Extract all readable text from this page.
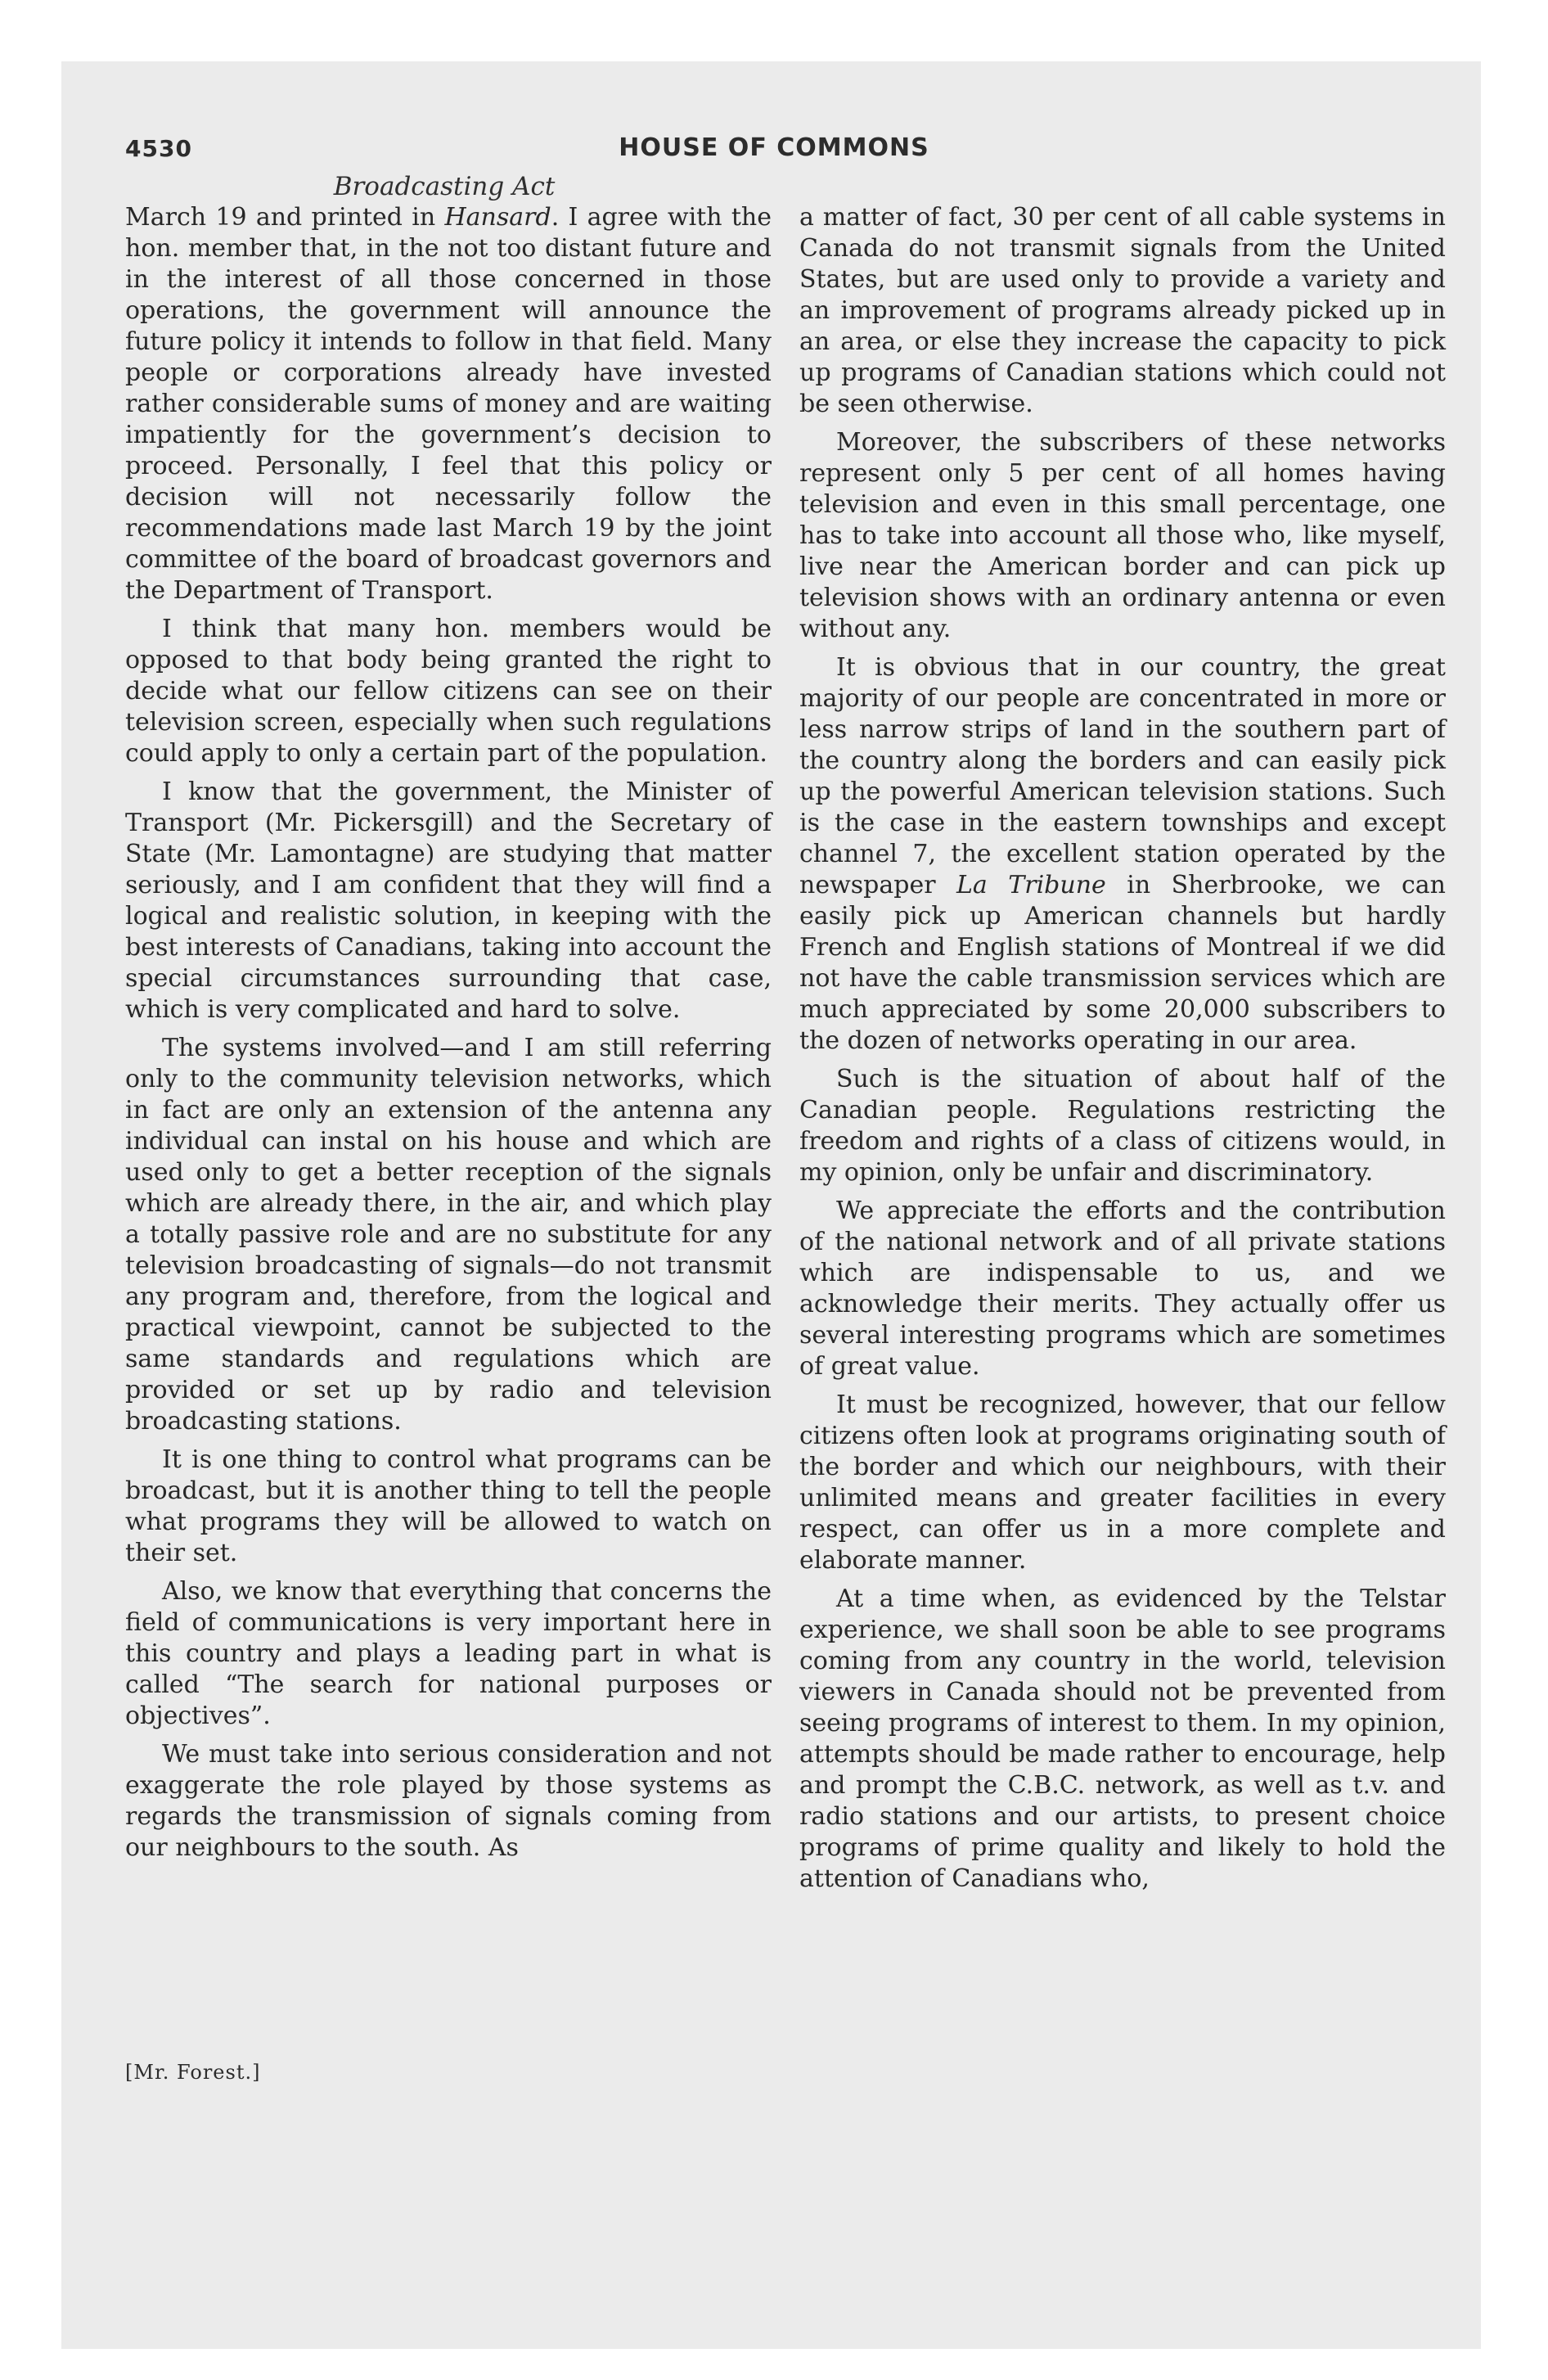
4530	HOUSE OF COMMONS
Broadcasting Act

March 19 and printed in Hansard. I agree with the hon. member that, in the not too distant future and in the interest of all those concerned in those operations, the government will announce the future policy it intends to follow in that field. Many people or corporations already have invested rather considerable sums of money and are waiting impatiently for the government’s decision to proceed. Personally, I feel that this policy or decision will not necessarily follow the recommendations made last March 19 by the joint committee of the board of broadcast governors and the Department of Transport.

I think that many hon. members would be opposed to that body being granted the right to decide what our fellow citizens can see on their television screen, especially when such regulations could apply to only a certain part of the population.

I know that the government, the Minister of Transport (Mr. Pickersgill) and the Secretary of State (Mr. Lamontagne) are studying that matter seriously, and I am confident that they will find a logical and realistic solution, in keeping with the best interests of Canadians, taking into account the special circumstances surrounding that case, which is very complicated and hard to solve.

The systems involved—and I am still referring only to the community television networks, which in fact are only an extension of the antenna any individual can instal on his house and which are used only to get a better reception of the signals which are already there, in the air, and which play a totally passive role and are no substitute for any television broadcasting of signals—do not transmit any program and, therefore, from the logical and practical viewpoint, cannot be subjected to the same standards and regulations which are provided or set up by radio and television broadcasting stations.

It is one thing to control what programs can be broadcast, but it is another thing to tell the people what programs they will be allowed to watch on their set.

Also, we know that everything that concerns the field of communications is very important here in this country and plays a leading part in what is called “The search for national purposes or objectives”.

We must take into serious consideration and not exaggerate the role played by those systems as regards the transmission of signals coming from our neighbours to the south. As

a matter of fact, 30 per cent of all cable systems in Canada do not transmit signals from the United States, but are used only to provide a variety and an improvement of programs already picked up in an area, or else they increase the capacity to pick up programs of Canadian stations which could not be seen otherwise.

Moreover, the subscribers of these networks represent only 5 per cent of all homes having television and even in this small percentage, one has to take into account all those who, like myself, live near the American border and can pick up television shows with an ordinary antenna or even without any.

It is obvious that in our country, the great majority of our people are concentrated in more or less narrow strips of land in the southern part of the country along the borders and can easily pick up the powerful American television stations. Such is the case in the eastern townships and except channel 7, the excellent station operated by the newspaper La Tribune in Sherbrooke, we can easily pick up American channels but hardly French and English stations of Montreal if we did not have the cable transmission services which are much appreciated by some 20,000 subscribers to the dozen of networks operating in our area.

Such is the situation of about half of the Canadian people. Regulations restricting the freedom and rights of a class of citizens would, in my opinion, only be unfair and discriminatory.

We appreciate the efforts and the contribution of the national network and of all private stations which are indispensable to us, and we acknowledge their merits. They actually offer us several interesting programs which are sometimes of great value.

It must be recognized, however, that our fellow citizens often look at programs originating south of the border and which our neighbours, with their unlimited means and greater facilities in every respect, can offer us in a more complete and elaborate manner.

At a time when, as evidenced by the Telstar experience, we shall soon be able to see programs coming from any country in the world, television viewers in Canada should not be prevented from seeing programs of interest to them. In my opinion, attempts should be made rather to encourage, help and prompt the C.B.C. network, as well as t.v. and radio stations and our artists, to present choice programs of prime quality and likely to hold the attention of Canadians who,

[Mr. Forest.]
